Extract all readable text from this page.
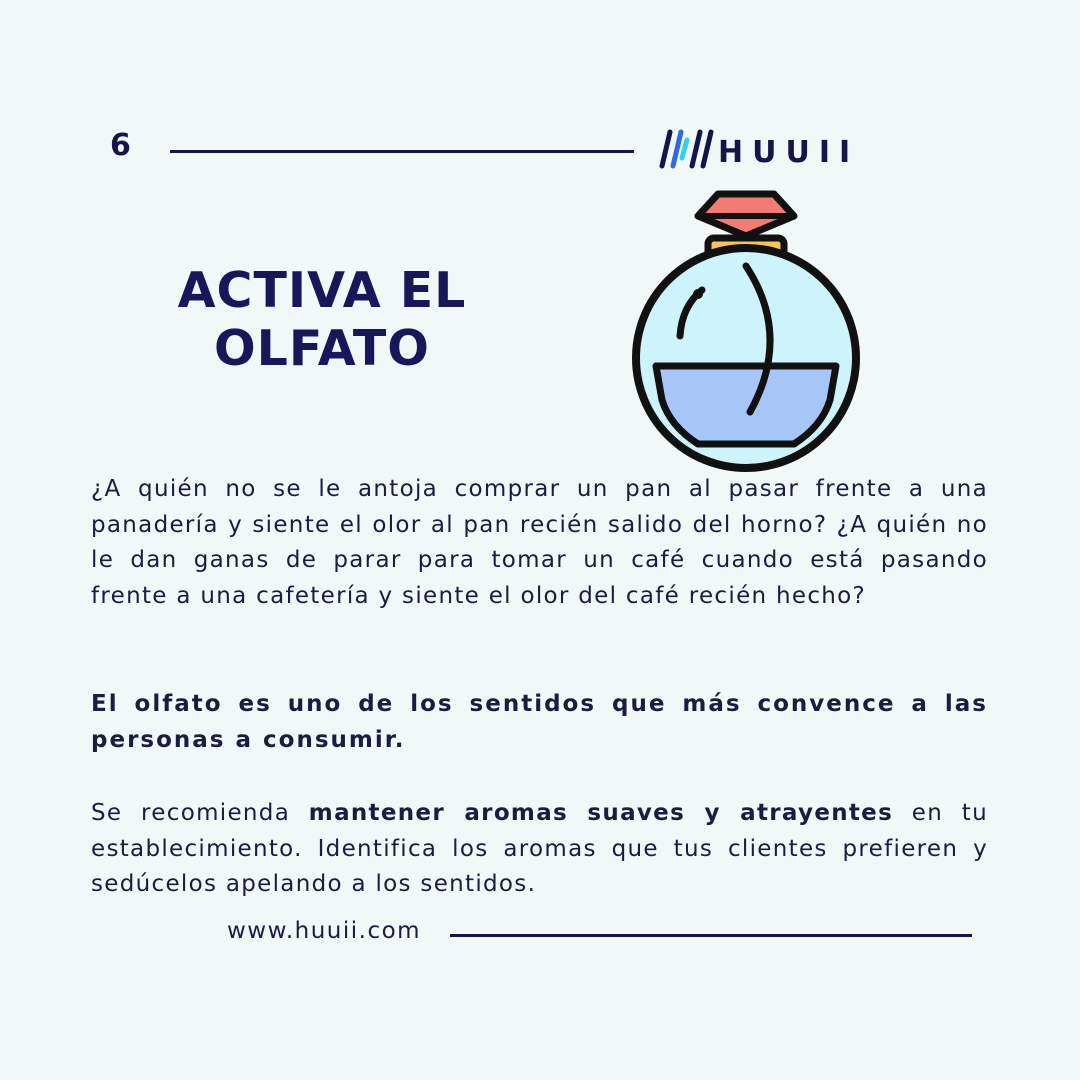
6	HUUII
ACTIVA EL
OLFATO
¿A quién no se le antoja comprar un pan al pasar frente a una panadería y siente el olor al pan recién salido del horno? ¿A quién no le dan ganas de parar para tomar un café cuando está pasando frente a una cafetería y siente el olor del café recién hecho?
El olfato es uno de los sentidos que más convence a las personas a consumir.
Se recomienda mantener aromas suaves y atrayentes en tu establecimiento. Identifica los aromas que tus clientes prefieren y sedúcelos apelando a los sentidos.
www.huuii.com
